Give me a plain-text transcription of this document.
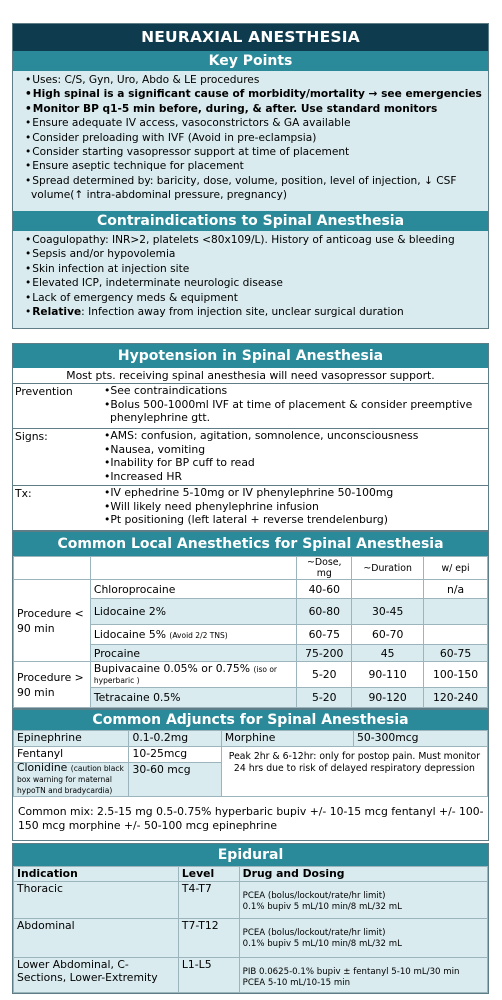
NEURAXIAL ANESTHESIA
Key Points
• Uses: C/S, Gyn, Uro, Abdo & LE procedures
• High spinal is a significant cause of morbidity/mortality → see emergencies
• Monitor BP q1-5 min before, during, & after. Use standard monitors
• Ensure adequate IV access, vasoconstrictors & GA available
• Consider preloading with IVF (Avoid in pre-eclampsia)
• Consider starting vasopressor support at time of placement
• Ensure aseptic technique for placement
• Spread determined by: baricity, dose, volume, position, level of injection, ↓ CSF volume(↑ intra-abdominal pressure, pregnancy)
Contraindications to Spinal Anesthesia
• Coagulopathy: INR>2, platelets <80x109/L). History of anticoag use & bleeding
• Sepsis and/or hypovolemia
• Skin infection at injection site
• Elevated ICP, indeterminate neurologic disease
• Lack of emergency meds & equipment
• Relative: Infection away from injection site, unclear surgical duration
Hypotension in Spinal Anesthesia
Most pts. receiving spinal anesthesia will need vasopressor support.
Prevention	• See contraindications
• Bolus 500-1000ml IVF at time of placement & consider preemptive phenylephrine gtt.
Signs:	• AMS: confusion, agitation, somnolence, unconsciousness
• Nausea, vomiting
• Inability for BP cuff to read
• Increased HR
Tx:	• IV ephedrine 5-10mg or IV phenylephrine 50-100mg
• Will likely need phenylephrine infusion
• Pt positioning (left lateral + reverse trendelenburg)
Common Local Anesthetics for Spinal Anesthesia
		~Dose, mg	~Duration	w/ epi
Procedure < 90 min	Chloroprocaine	40-60		n/a
	Lidocaine 2%	60-80	30-45	
	Lidocaine 5% (Avoid 2/2 TNS)	60-75	60-70	
	Procaine	75-200	45	60-75
Procedure > 90 min	Bupivacaine 0.05% or 0.75% (iso or hyperbaric )	5-20	90-110	100-150
	Tetracaine 0.5%	5-20	90-120	120-240
Common Adjuncts for Spinal Anesthesia
Epinephrine	0.1-0.2mg	Morphine	50-300mcg
Fentanyl	10-25mcg	Peak 2hr & 6-12hr: only for postop pain. Must monitor 24 hrs due to risk of delayed respiratory depression	
Clonidine (caution black box warning for maternal hypoTN and bradycardia)	30-60 mcg		
Common mix: 2.5-15 mg 0.5-0.75% hyperbaric bupiv +/- 10-15 mcg fentanyl +/- 100-150 mcg morphine +/- 50-100 mcg epinephrine
Epidural
Indication	Level	Drug and Dosing
Thoracic	T4-T7	PCEA (bolus/lockout/rate/hr limit)
0.1% bupiv 5 mL/10 min/8 mL/32 mL

Abdominal	T7-T12	PCEA (bolus/lockout/rate/hr limit)
0.1% bupiv 5 mL/10 min/8 mL/32 mL

Lower Abdominal, C-Sections, Lower-Extremity	L1-L5	PIB 0.0625-0.1% bupiv ± fentanyl 5-10 mL/30 min
PCEA 5-10 mL/10-15 min
